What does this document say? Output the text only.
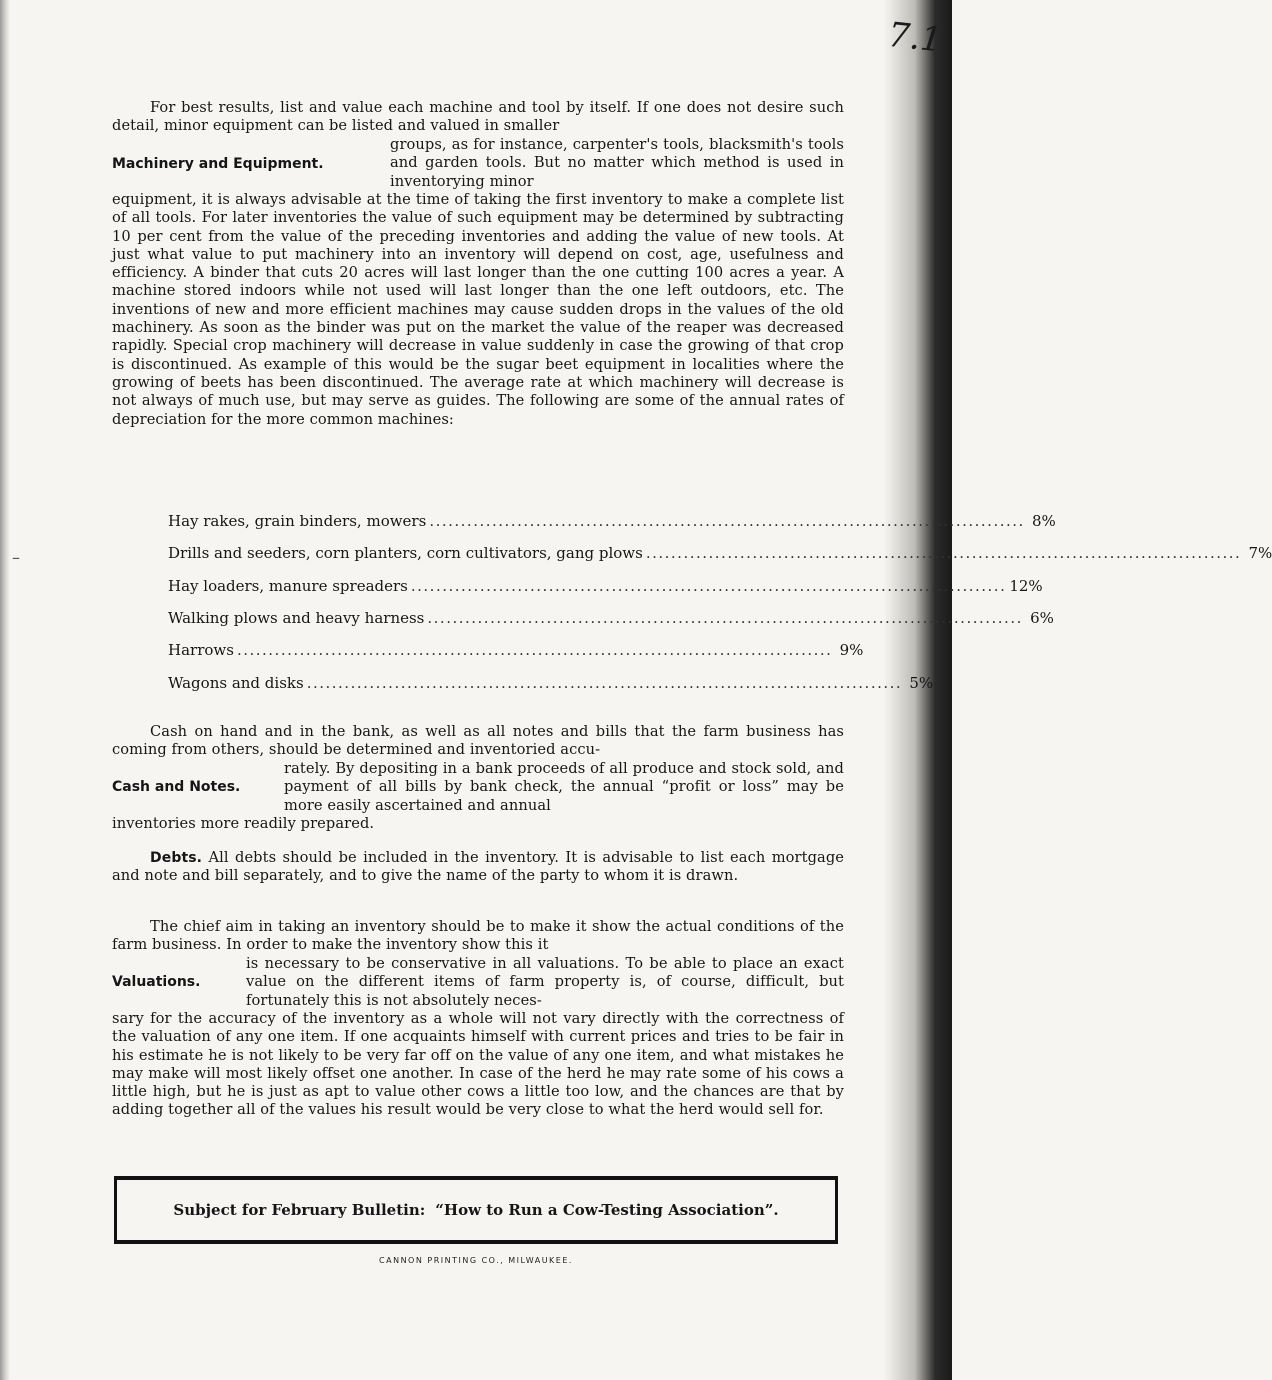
7.1
–
For best results, list and value each machine and tool by itself. If one does not desire such detail, minor equipment can be listed and valued in smaller
Machinery and Equipment.
groups, as for instance, carpenter's tools, blacksmith's tools and garden tools. But no matter which method is used in inventorying minor
equipment, it is always advisable at the time of taking the first inventory to make a complete list of all tools. For later inventories the value of such equipment may be determined by subtracting 10 per cent from the value of the preceding inventories and adding the value of new tools. At just what value to put machinery into an inventory will depend on cost, age, usefulness and efficiency. A binder that cuts 20 acres will last longer than the one cutting 100 acres a year. A machine stored indoors while not used will last longer than the one left outdoors, etc. The inventions of new and more efficient machines may cause sudden drops in the values of the old machinery. As soon as the binder was put on the market the value of the reaper was decreased rapidly. Special crop machinery will decrease in value suddenly in case the growing of that crop is discontinued. As example of this would be the sugar beet equipment in localities where the growing of beets has been discontinued. The average rate at which machinery will decrease is not always of much use, but may serve as guides. The following are some of the annual rates of depreciation for the more common machines:
Hay rakes, grain binders, mowers ............................................................................................... 8%
Drills and seeders, corn planters, corn cultivators, gang plows ............................................................................................... 7%
Hay loaders, manure spreaders ............................................................................................... 12%
Walking plows and heavy harness ............................................................................................... 6%
Harrows ............................................................................................... 9%
Wagons and disks ............................................................................................... 5%
Cash on hand and in the bank, as well as all notes and bills that the farm business has coming from others, should be determined and inventoried accu-
Cash and Notes.
rately. By depositing in a bank proceeds of all produce and stock sold, and payment of all bills by bank check, the annual “profit or loss” may be more easily ascertained and annual
inventories more readily prepared.
Debts. All debts should be included in the inventory. It is advisable to list each mortgage and note and bill separately, and to give the name of the party to whom it is drawn.
The chief aim in taking an inventory should be to make it show the actual conditions of the farm business. In order to make the inventory show this it
Valuations.
is necessary to be conservative in all valuations. To be able to place an exact value on the different items of farm property is, of course, difficult, but fortunately this is not absolutely neces-
sary for the accuracy of the inventory as a whole will not vary directly with the correctness of the valuation of any one item. If one acquaints himself with current prices and tries to be fair in his estimate he is not likely to be very far off on the value of any one item, and what mistakes he may make will most likely offset one another. In case of the herd he may rate some of his cows a little high, but he is just as apt to value other cows a little too low, and the chances are that by adding together all of the values his result would be very close to what the herd would sell for.
Subject for February Bulletin: “How to Run a Cow-Testing Association”.
CANNON PRINTING CO., MILWAUKEE.
